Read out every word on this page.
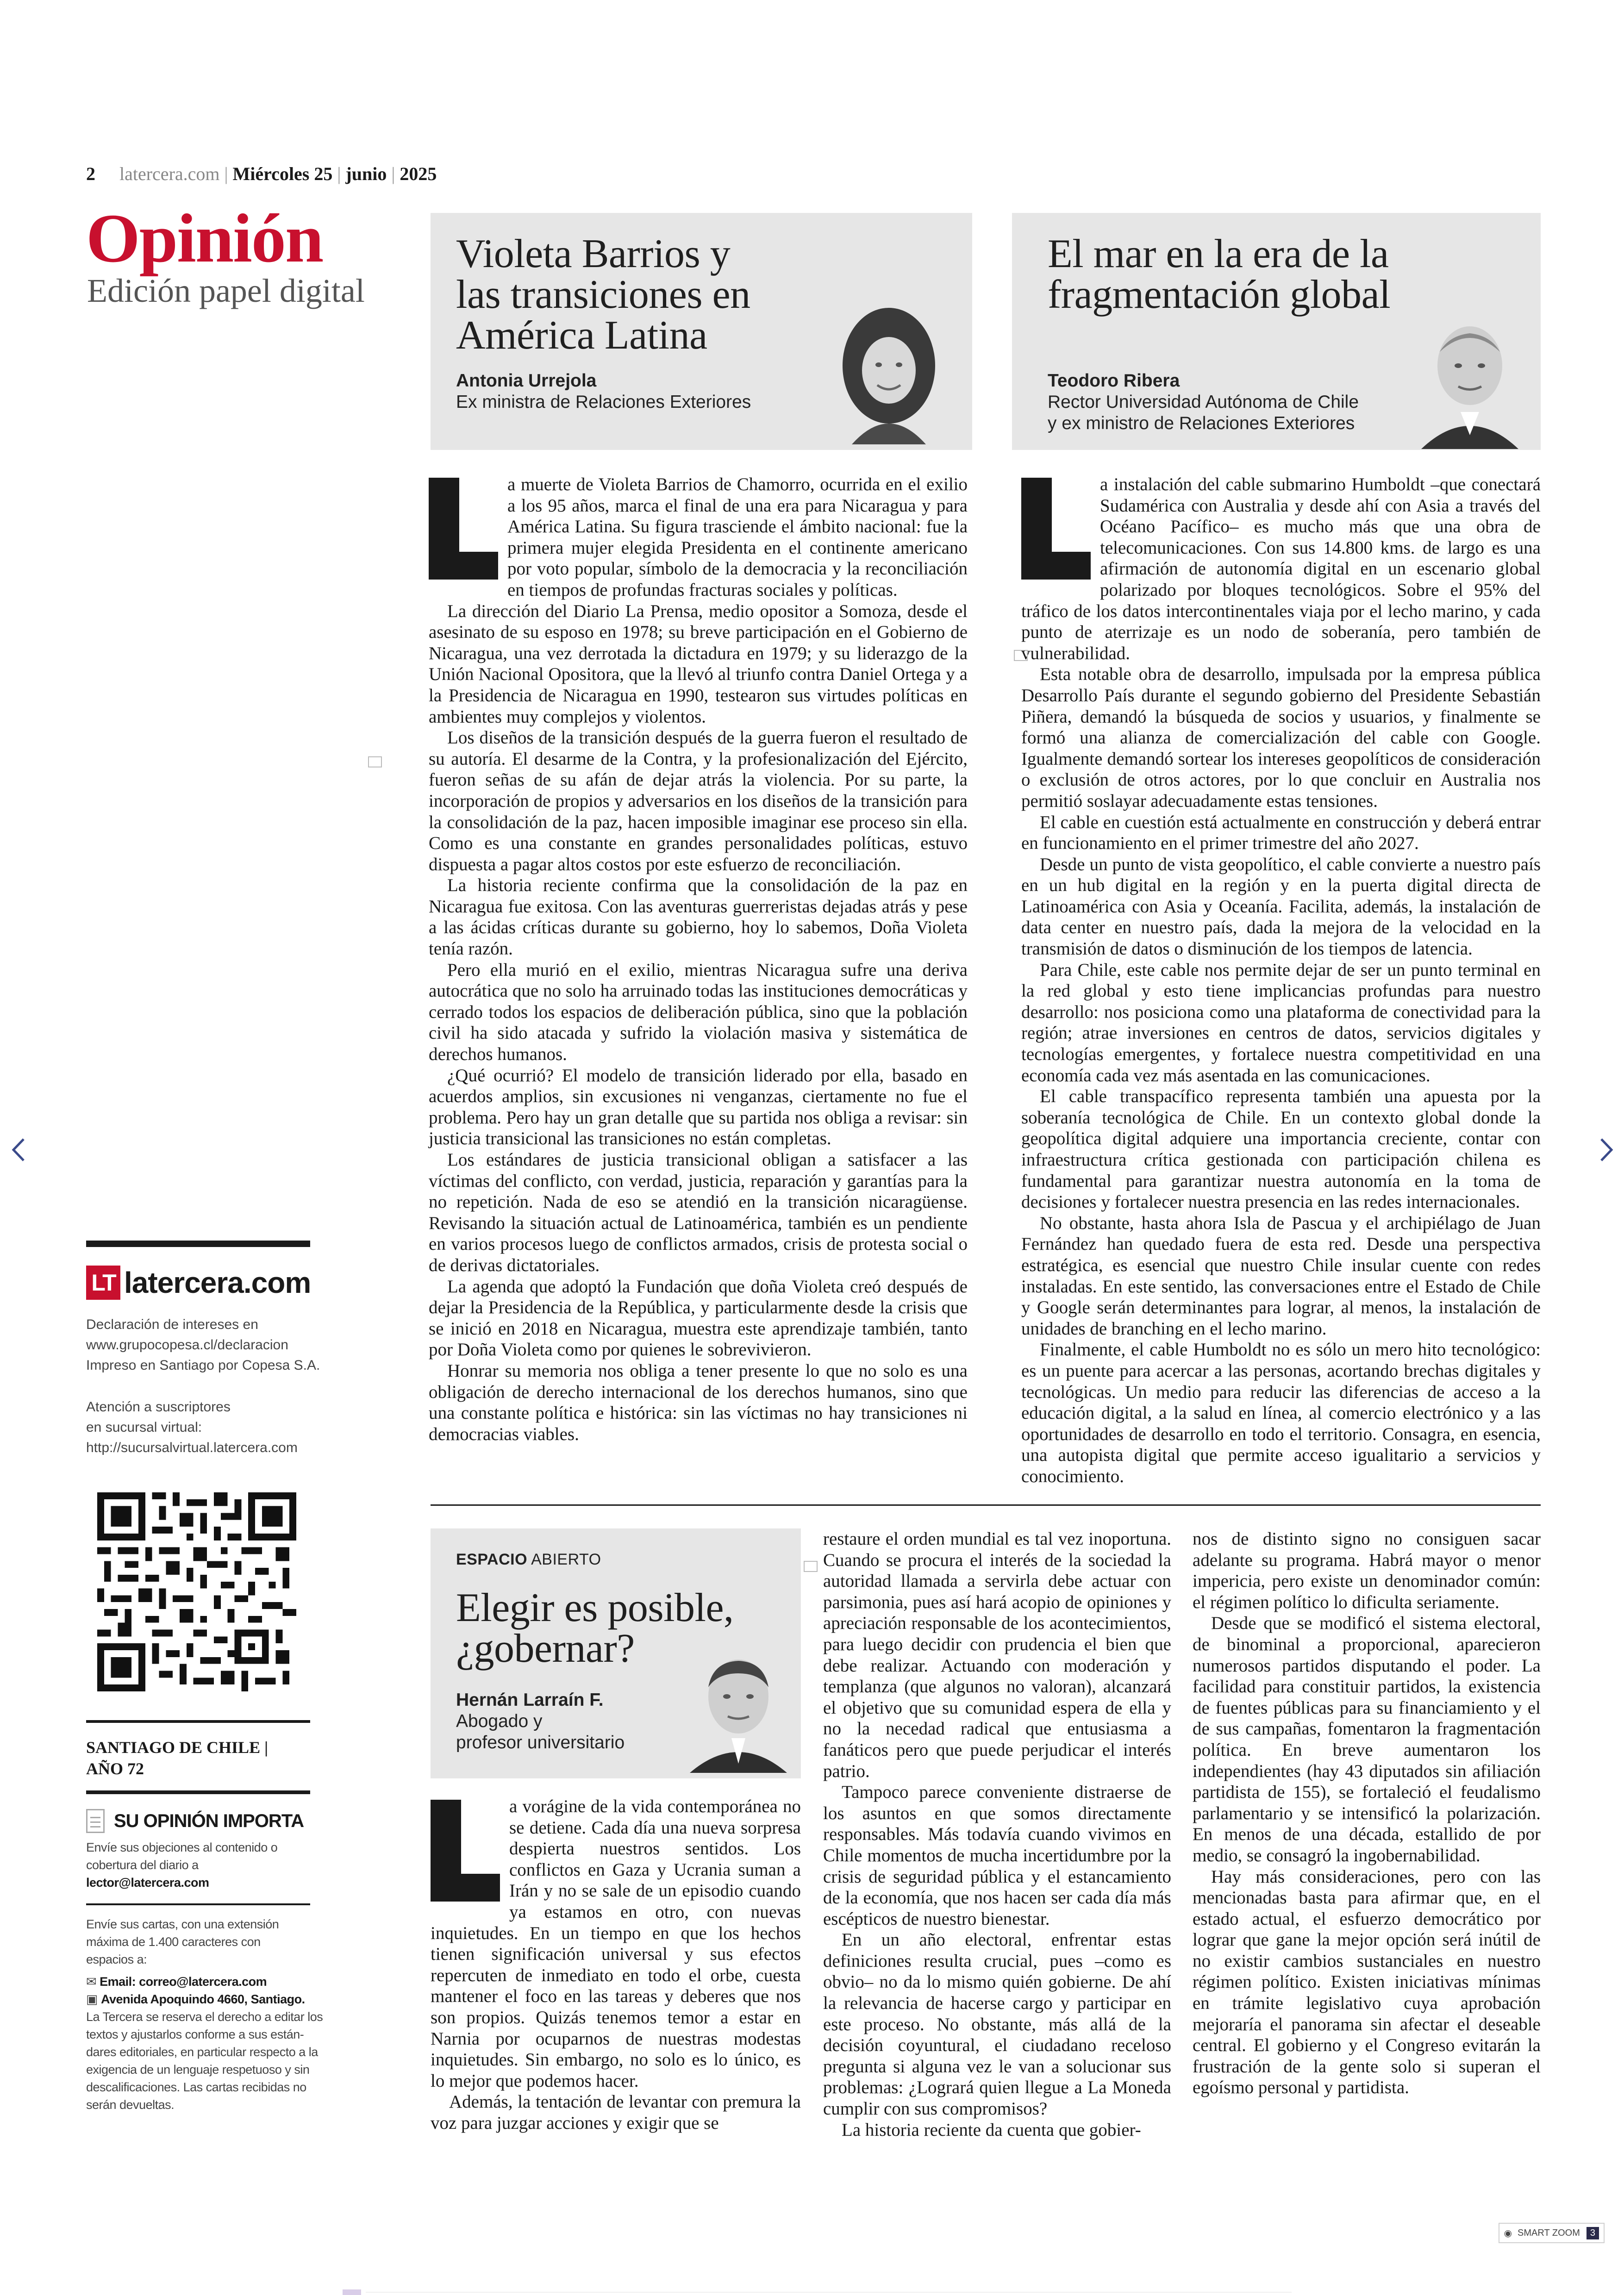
2 latercera.com | Miércoles 25 | junio | 2025
Opinión
Edición papel digital
LT latercera.com
Declaración de intereses en
www.grupocopesa.cl/declaracion
Impreso en Santiago por Copesa S.A.
Atención a suscriptores
en sucursal virtual:
http://sucursalvirtual.latercera.com
SANTIAGO DE CHILE |
AÑO 72
SU OPINIÓN IMPORTA
Envíe sus objeciones al contenido o
cobertura del diario a
lector@latercera.com
Envíe sus cartas, con una extensión
máxima de 1.400 caracteres con
espacios a:
✉ Email: correo@latercera.com
▣ Avenida Apoquindo 4660, Santiago.
La Tercera se reserva el derecho a editar los
textos y ajustarlos conforme a sus están-
dares editoriales, en particular respecto a la
exigencia de un lenguaje respetuoso y sin
descalificaciones. Las cartas recibidas no
serán devueltas.
Violeta Barrios y
las transiciones en
América Latina
Antonia Urrejola
Ex ministra de Relaciones Exteriores
El mar en la era de la
fragmentación global
Teodoro Ribera
Rector Universidad Autónoma de Chile
y ex ministro de Relaciones Exteriores

a muerte de Violeta Barrios de Chamorro, ocurrida en el exilio a los 95 años, marca el final de una era para Nicaragua y para América Latina. Su figura trasciende el ámbito nacional: fue la primera mujer elegida Presidenta en el continente americano por voto popular, símbolo de la democracia y la reconciliación en tiempos de profundas fracturas sociales y políticas.

La dirección del Diario La Prensa, medio opositor a Somoza, desde el asesinato de su esposo en 1978; su breve participación en el Gobierno de Nicaragua, una vez derrotada la dictadura en 1979; y su liderazgo de la Unión Nacional Opositora, que la llevó al triunfo contra Daniel Ortega y a la Presidencia de Nicaragua en 1990, testearon sus virtudes políticas en ambientes muy complejos y violentos.

Los diseños de la transición después de la guerra fueron el resultado de su autoría. El desarme de la Contra, y la profesionalización del Ejército, fueron señas de su afán de dejar atrás la violencia. Por su parte, la incorporación de propios y adversarios en los diseños de la transición para la consolidación de la paz, hacen imposible imaginar ese proceso sin ella. Como es una constante en grandes personalidades políticas, estuvo dispuesta a pagar altos costos por este esfuerzo de reconciliación.

La historia reciente confirma que la consolidación de la paz en Nicaragua fue exitosa. Con las aventuras guerreristas dejadas atrás y pese a las ácidas críticas durante su gobierno, hoy lo sabemos, Doña Violeta tenía razón.

Pero ella murió en el exilio, mientras Nicaragua sufre una deriva autocrática que no solo ha arruinado todas las instituciones democráticas y cerrado todos los espacios de deliberación pública, sino que la población civil ha sido atacada y sufrido la violación masiva y sistemática de derechos humanos.

¿Qué ocurrió? El modelo de transición liderado por ella, basado en acuerdos amplios, sin excusiones ni venganzas, ciertamente no fue el problema. Pero hay un gran detalle que su partida nos obliga a revisar: sin justicia transicional las transiciones no están completas.

Los estándares de justicia transicional obligan a satisfacer a las víctimas del conflicto, con verdad, justicia, reparación y garantías para la no repetición. Nada de eso se atendió en la transición nicaragüense. Revisando la situación actual de Latinoamérica, también es un pendiente en varios procesos luego de conflictos armados, crisis de protesta social o de derivas dictatoriales.

La agenda que adoptó la Fundación que doña Violeta creó después de dejar la Presidencia de la República, y particularmente desde la crisis que se inició en 2018 en Nicaragua, muestra este aprendizaje también, tanto por Doña Violeta como por quienes le sobrevivieron.

Honrar su memoria nos obliga a tener presente lo que no solo es una obligación de derecho internacional de los derechos humanos, sino que una constante política e histórica: sin las víctimas no hay transiciones ni democracias viables.

a instalación del cable submarino Humboldt –que conectará Sudamérica con Australia y desde ahí con Asia a través del Océano Pacífico– es mucho más que una obra de telecomunicaciones. Con sus 14.800 kms. de largo es una afirmación de autonomía digital en un escenario global polarizado por bloques tecnológicos. Sobre el 95% del tráfico de los datos intercontinentales viaja por el lecho marino, y cada punto de aterrizaje es un nodo de soberanía, pero también de vulnerabilidad.

Esta notable obra de desarrollo, impulsada por la empresa pública Desarrollo País durante el segundo gobierno del Presidente Sebastián Piñera, demandó la búsqueda de socios y usuarios, y finalmente se formó una alianza de comercialización del cable con Google. Igualmente demandó sortear los intereses geopolíticos de consideración o exclusión de otros actores, por lo que concluir en Australia nos permitió soslayar adecuadamente estas tensiones.

El cable en cuestión está actualmente en construcción y deberá entrar en funcionamiento en el primer trimestre del año 2027.

Desde un punto de vista geopolítico, el cable convierte a nuestro país en un hub digital en la región y en la puerta digital directa de Latinoamérica con Asia y Oceanía. Facilita, además, la instalación de data center en nuestro país, dada la mejora de la velocidad en la transmisión de datos o disminución de los tiempos de latencia.

Para Chile, este cable nos permite dejar de ser un punto terminal en la red global y esto tiene implicancias profundas para nuestro desarrollo: nos posiciona como una plataforma de conectividad para la región; atrae inversiones en centros de datos, servicios digitales y tecnologías emergentes, y fortalece nuestra competitividad en una economía cada vez más asentada en las comunicaciones.

El cable transpacífico representa también una apuesta por la soberanía tecnológica de Chile. En un contexto global donde la geopolítica digital adquiere una importancia creciente, contar con infraestructura crítica gestionada con participación chilena es fundamental para garantizar nuestra autonomía en la toma de decisiones y fortalecer nuestra presencia en las redes internacionales.

No obstante, hasta ahora Isla de Pascua y el archipiélago de Juan Fernández han quedado fuera de esta red. Desde una perspectiva estratégica, es esencial que nuestro Chile insular cuente con redes instaladas. En este sentido, las conversaciones entre el Estado de Chile y Google serán determinantes para lograr, al menos, la instalación de unidades de branching en el lecho marino.

Finalmente, el cable Humboldt no es sólo un mero hito tecnológico: es un puente para acercar a las personas, acortando brechas digitales y tecnológicas. Un medio para reducir las diferencias de acceso a la educación digital, a la salud en línea, al comercio electrónico y a las oportunidades de desarrollo en todo el territorio. Consagra, en esencia, una autopista digital que permite acceso igualitario a servicios y conocimiento.

ESPACIO ABIERTO
Elegir es posible,
¿gobernar?
Hernán Larraín F.
Abogado y
profesor universitario

a vorágine de la vida contemporánea no se detiene. Cada día una nueva sorpresa despierta nuestros sentidos. Los conflictos en Gaza y Ucrania suman a Irán y no se sale de un episodio cuando ya estamos en otro, con nuevas inquietudes. En un tiempo en que los hechos tienen significación universal y sus efectos repercuten de inmediato en todo el orbe, cuesta mantener el foco en las tareas y deberes que nos son propios. Quizás tenemos temor a estar en Narnia por ocuparnos de nuestras modestas inquietudes. Sin embargo, no solo es lo único, es lo mejor que podemos hacer.

Además, la tentación de levantar con premura la voz para juzgar acciones y exigir que se

restaure el orden mundial es tal vez inoportuna. Cuando se procura el interés de la sociedad la autoridad llamada a servirla debe actuar con parsimonia, pues así hará acopio de opiniones y apreciación responsable de los acontecimientos, para luego decidir con prudencia el bien que debe realizar. Actuando con moderación y templanza (que algunos no valoran), alcanzará el objetivo que su comunidad espera de ella y no la necedad radical que entusiasma a fanáticos pero que puede perjudicar el interés patrio.

Tampoco parece conveniente distraerse de los asuntos en que somos directamente responsables. Más todavía cuando vivimos en Chile momentos de mucha incertidumbre por la crisis de seguridad pública y el estancamiento de la economía, que nos hacen ser cada día más escépticos de nuestro bienestar.

En un año electoral, enfrentar estas definiciones resulta crucial, pues –como es obvio– no da lo mismo quién gobierne. De ahí la relevancia de hacerse cargo y participar en este proceso. No obstante, más allá de la decisión coyuntural, el ciudadano receloso pregunta si alguna vez le van a solucionar sus problemas: ¿Logrará quien llegue a La Moneda cumplir con sus compromisos?

La historia reciente da cuenta que gobier-

nos de distinto signo no consiguen sacar adelante su programa. Habrá mayor o menor impericia, pero existe un denominador común: el régimen político lo dificulta seriamente.

Desde que se modificó el sistema electoral, de binominal a proporcional, aparecieron numerosos partidos disputando el poder. La facilidad para constituir partidos, la existencia de fuentes públicas para su financiamiento y el de sus campañas, fomentaron la fragmentación política. En breve aumentaron los independientes (hay 43 diputados sin afiliación partidista de 155), se fortaleció el feudalismo parlamentario y se intensificó la polarización. En menos de una década, estallido de por medio, se consagró la ingobernabilidad.

Hay más consideraciones, pero con las mencionadas basta para afirmar que, en el estado actual, el esfuerzo democrático por lograr que gane la mejor opción será inútil de no existir cambios sustanciales en nuestro régimen político. Existen iniciativas mínimas en trámite legislativo cuya aprobación mejoraría el panorama sin afectar el deseable central. El gobierno y el Congreso evitarán la frustración de la gente solo si superan el egoísmo personal y partidista.

◉ SMART ZOOM	3
